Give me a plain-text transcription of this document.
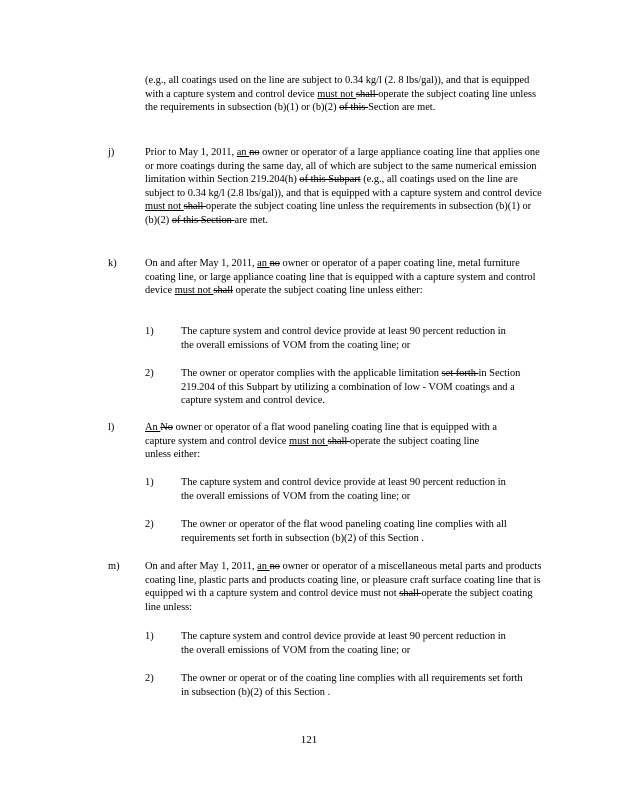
(e.g., all coatings used on the line are subject to 0.34 kg/l (2. 8 lbs/gal)), and that is equipped with a capture system and control device must not shall operate the subject coating line unless the requirements in subsection (b)(1) or (b)(2) of this Section are met.
j)	Prior to May 1, 2011, an no owner or operator of a large appliance coating line that applies one or more coatings during the same day, all of which are subject to the same numerical emission limitation within Section 219.204(h) of this Subpart (e.g., all coatings used on the line are subject to 0.34 kg/l (2.8 lbs/gal)), and that is equipped with a capture system and control device must not shall operate the subject coating line unless the requirements in subsection (b)(1) or (b)(2) of this Section are met.
k)	On and after May 1, 2011, an no owner or operator of a paper coating line, metal furniture coating line, or large appliance coating line that is equipped with a capture system and control device must not shall operate the subject coating line unless either:
1)	The capture system and control device provide at least 90 percent reduction in the overall emissions of VOM from the coating line; or
2)	The owner or operator complies with the applicable limitation set forth in Section 219.204 of this Subpart by utilizing a combination of low - VOM coatings and a capture system and control device.
l)	An No owner or operator of a flat wood paneling coating line that is equipped with a capture system and control device must not shall operate the subject coating line unless either:
1)	The capture system and control device provide at least 90 percent reduction in the overall emissions of VOM from the coating line; or
2)	The owner or operator of the flat wood paneling coating line complies with all requirements set forth in subsection (b)(2) of this Section .
m) On and after May 1, 2011, an no owner or operator of a miscellaneous metal parts and products coating line, plastic parts and products coating line, or pleasure craft surface coating line that is equipped wi th a capture system and control device must not shall operate the subject coating line unless:
1)	The capture system and control device provide at least 90 percent reduction in the overall emissions of VOM from the coating line; or
2)	The owner or operat or of the coating line complies with all requirements set forth in subsection (b)(2) of this Section .
121
